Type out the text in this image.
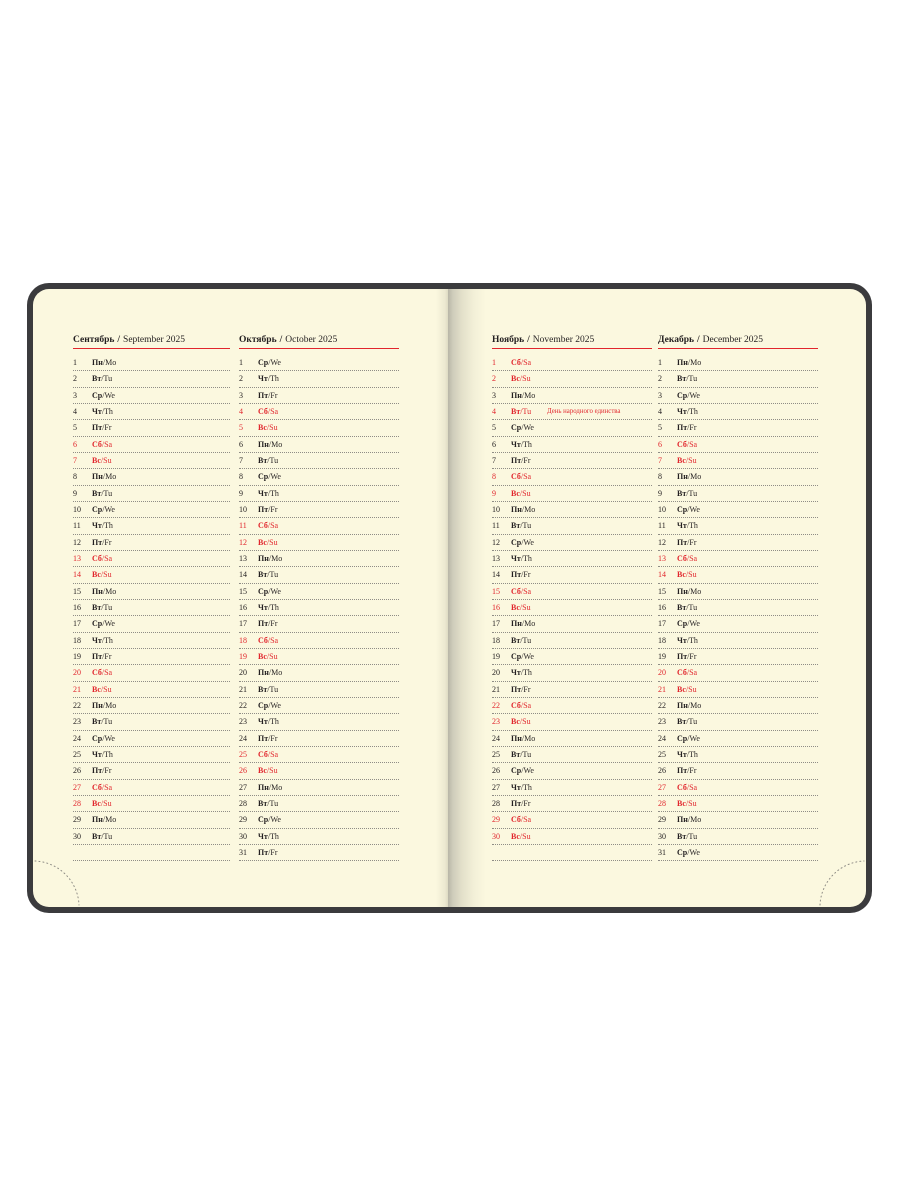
Сентябрь / September 2025
1 Пн/Mo
2 Вт/Tu
3 Ср/We
4 Чт/Th
5 Пт/Fr
6 Сб/Sa
7 Вс/Su
8 Пн/Mo
9 Вт/Tu
10 Ср/We
11 Чт/Th
12 Пт/Fr
13 Сб/Sa
14 Вс/Su
15 Пн/Mo
16 Вт/Tu
17 Ср/We
18 Чт/Th
19 Пт/Fr
20 Сб/Sa
21 Вс/Su
22 Пн/Mo
23 Вт/Tu
24 Ср/We
25 Чт/Th
26 Пт/Fr
27 Сб/Sa
28 Вс/Su
29 Пн/Mo
30 Вт/Tu
Октябрь / October 2025
1 Ср/We
2 Чт/Th
3 Пт/Fr
4 Сб/Sa
5 Вс/Su
6 Пн/Mo
7 Вт/Tu
8 Ср/We
9 Чт/Th
10 Пт/Fr
11 Сб/Sa
12 Вс/Su
13 Пн/Mo
14 Вт/Tu
15 Ср/We
16 Чт/Th
17 Пт/Fr
18 Сб/Sa
19 Вс/Su
20 Пн/Mo
21 Вт/Tu
22 Ср/We
23 Чт/Th
24 Пт/Fr
25 Сб/Sa
26 Вс/Su
27 Пн/Mo
28 Вт/Tu
29 Ср/We
30 Чт/Th
31 Пт/Fr
Ноябрь / November 2025
1 Сб/Sa
2 Вс/Su
3 Пн/Mo
4 Вт/Tu День народного единства
5 Ср/We
6 Чт/Th
7 Пт/Fr
8 Сб/Sa
9 Вс/Su
10 Пн/Mo
11 Вт/Tu
12 Ср/We
13 Чт/Th
14 Пт/Fr
15 Сб/Sa
16 Вс/Su
17 Пн/Mo
18 Вт/Tu
19 Ср/We
20 Чт/Th
21 Пт/Fr
22 Сб/Sa
23 Вс/Su
24 Пн/Mo
25 Вт/Tu
26 Ср/We
27 Чт/Th
28 Пт/Fr
29 Сб/Sa
30 Вс/Su
Декабрь / December 2025
1 Пн/Mo
2 Вт/Tu
3 Ср/We
4 Чт/Th
5 Пт/Fr
6 Сб/Sa
7 Вс/Su
8 Пн/Mo
9 Вт/Tu
10 Ср/We
11 Чт/Th
12 Пт/Fr
13 Сб/Sa
14 Вс/Su
15 Пн/Mo
16 Вт/Tu
17 Ср/We
18 Чт/Th
19 Пт/Fr
20 Сб/Sa
21 Вс/Su
22 Пн/Mo
23 Вт/Tu
24 Ср/We
25 Чт/Th
26 Пт/Fr
27 Сб/Sa
28 Вс/Su
29 Пн/Mo
30 Вт/Tu
31 Ср/We
